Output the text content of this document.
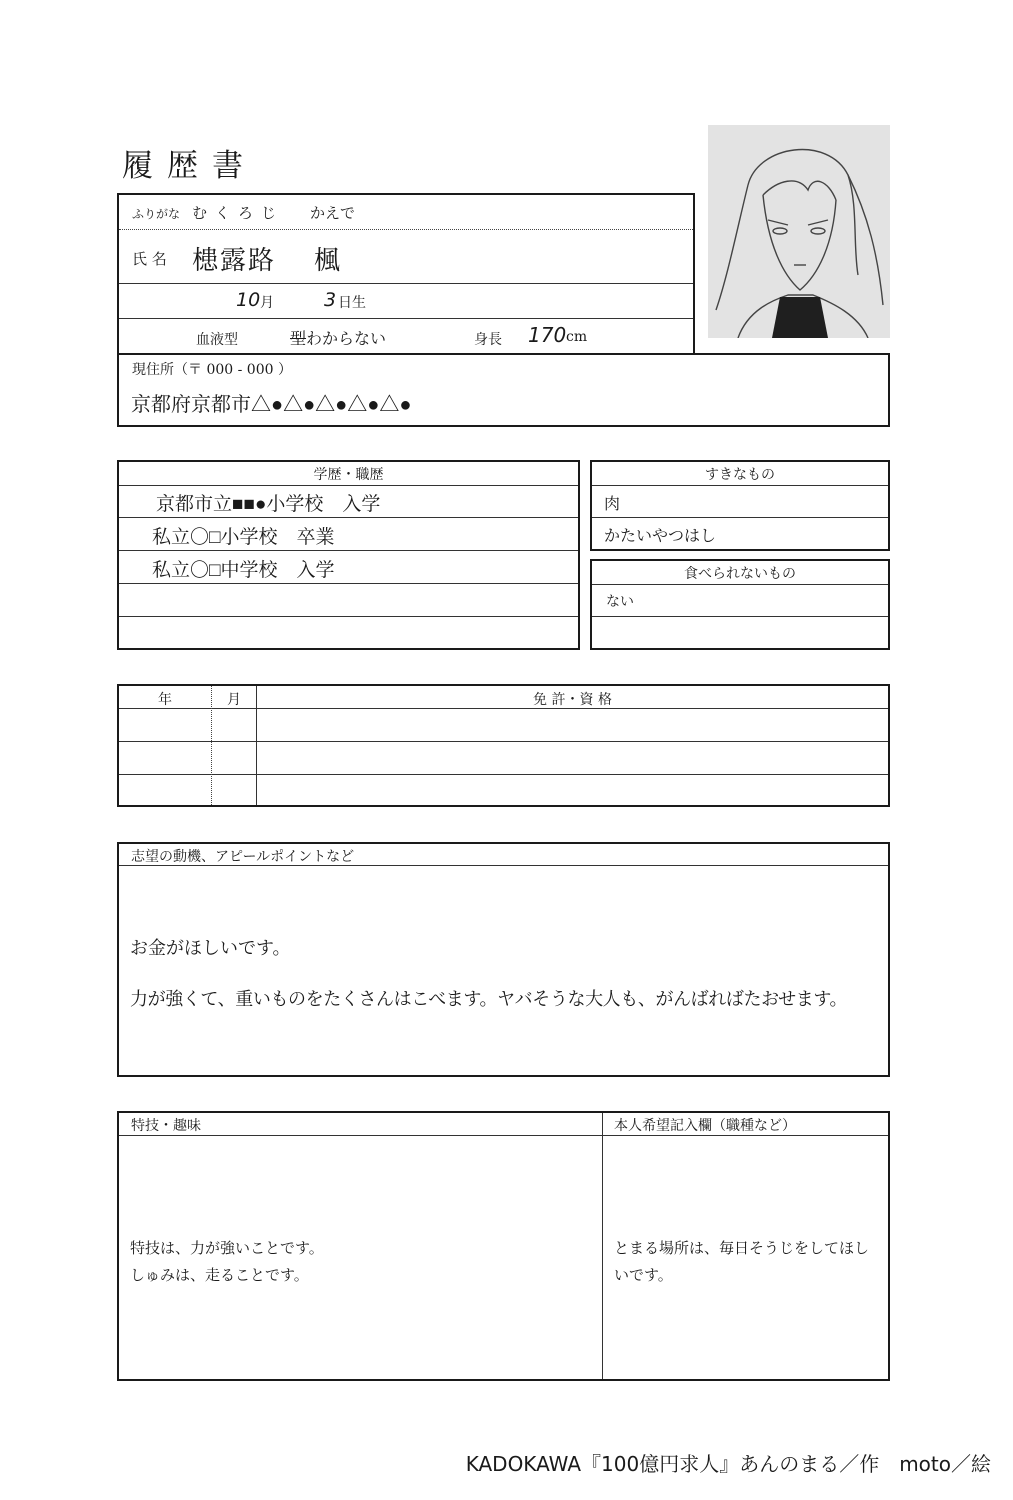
履歴書
ふりがな むくろじ かえで
氏 名 槵露路 楓
10 月	3 日生
血液型	型 わからない	身長 170 cm
現住所（〒 000 - 000 ）
京都府京都市△●△●△●△●△●
学歴・職歴
京都市立■■●小学校　入学
私立〇□小学校　卒業
私立〇□中学校　入学
すきなもの
肉
かたいやつはし
食べられないもの
ない
年	月	免 許・資 格
志望の動機、アピールポイントなど
お金がほしいです。
力が強くて、重いものをたくさんはこべます。ヤバそうな大人も、がんばればたおせます。
特技・趣味	本人希望記入欄（職種など）
特技は、力が強いことです。
しゅみは、走ることです。
とまる場所は、毎日そうじをしてほし
いです。
KADOKAWA『100億円求人』あんのまる／作　moto／絵
